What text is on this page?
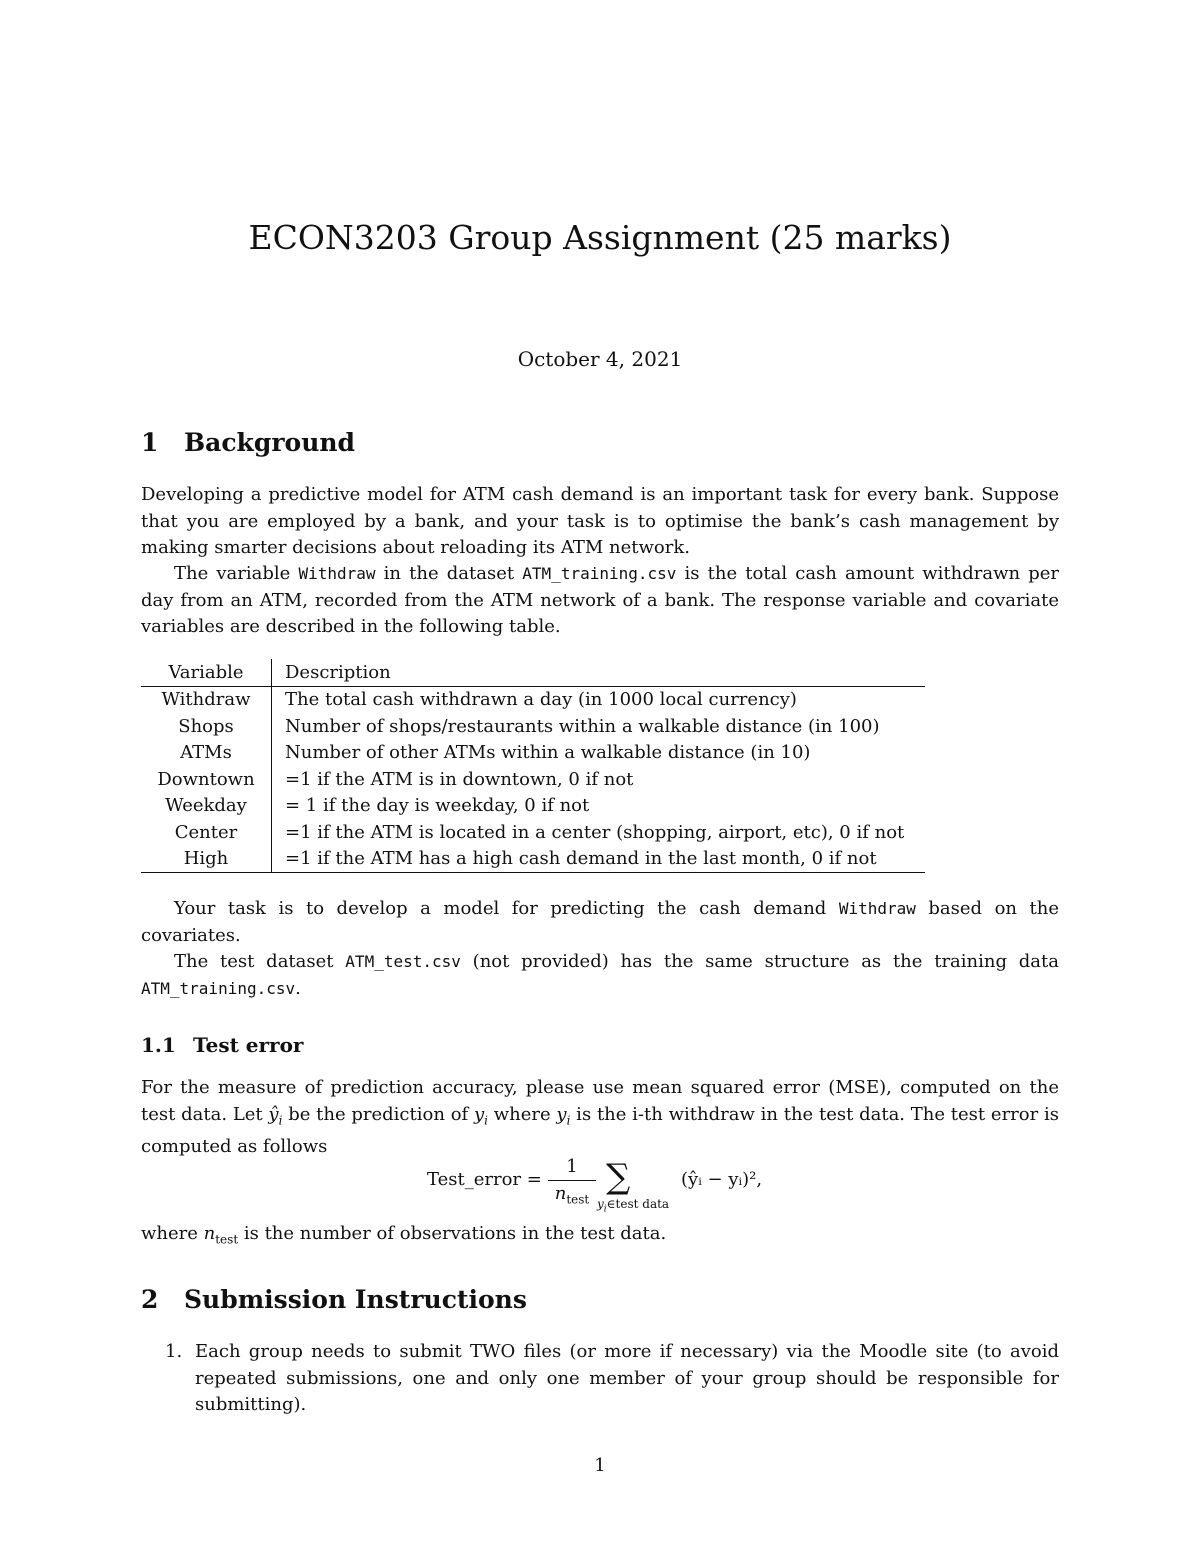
ECON3203 Group Assignment (25 marks)
October 4, 2021
1 Background
Developing a predictive model for ATM cash demand is an important task for every bank. Suppose that you are employed by a bank, and your task is to optimise the bank’s cash management by making smarter decisions about reloading its ATM network.
The variable Withdraw in the dataset ATM_training.csv is the total cash amount withdrawn per day from an ATM, recorded from the ATM network of a bank. The response variable and covariate variables are described in the following table.
Variable	Description
Withdraw	The total cash withdrawn a day (in 1000 local currency)
Shops	Number of shops/restaurants within a walkable distance (in 100)
ATMs	Number of other ATMs within a walkable distance (in 10)
Downtown	=1 if the ATM is in downtown, 0 if not
Weekday	= 1 if the day is weekday, 0 if not
Center	=1 if the ATM is located in a center (shopping, airport, etc), 0 if not
High	=1 if the ATM has a high cash demand in the last month, 0 if not
Your task is to develop a model for predicting the cash demand Withdraw based on the covariates.
The test dataset ATM_test.csv (not provided) has the same structure as the training data ATM_training.csv.
1.1 Test error
For the measure of prediction accuracy, please use mean squared error (MSE), computed on the test data. Let $ŷ_i$ be the prediction of $y_i$ where $y_i$ is the i-th withdraw in the test data. The test error is computed as follows
Test_error =
1
$n_{test}$
∑
$y_i\in test$ data
(ŷᵢ − yᵢ)²,
where $n_{test}$ is the number of observations in the test data.
2 Submission Instructions
1. Each group needs to submit TWO files (or more if necessary) via the Moodle site (to avoid repeated submissions, one and only one member of your group should be responsible for submitting).
1
